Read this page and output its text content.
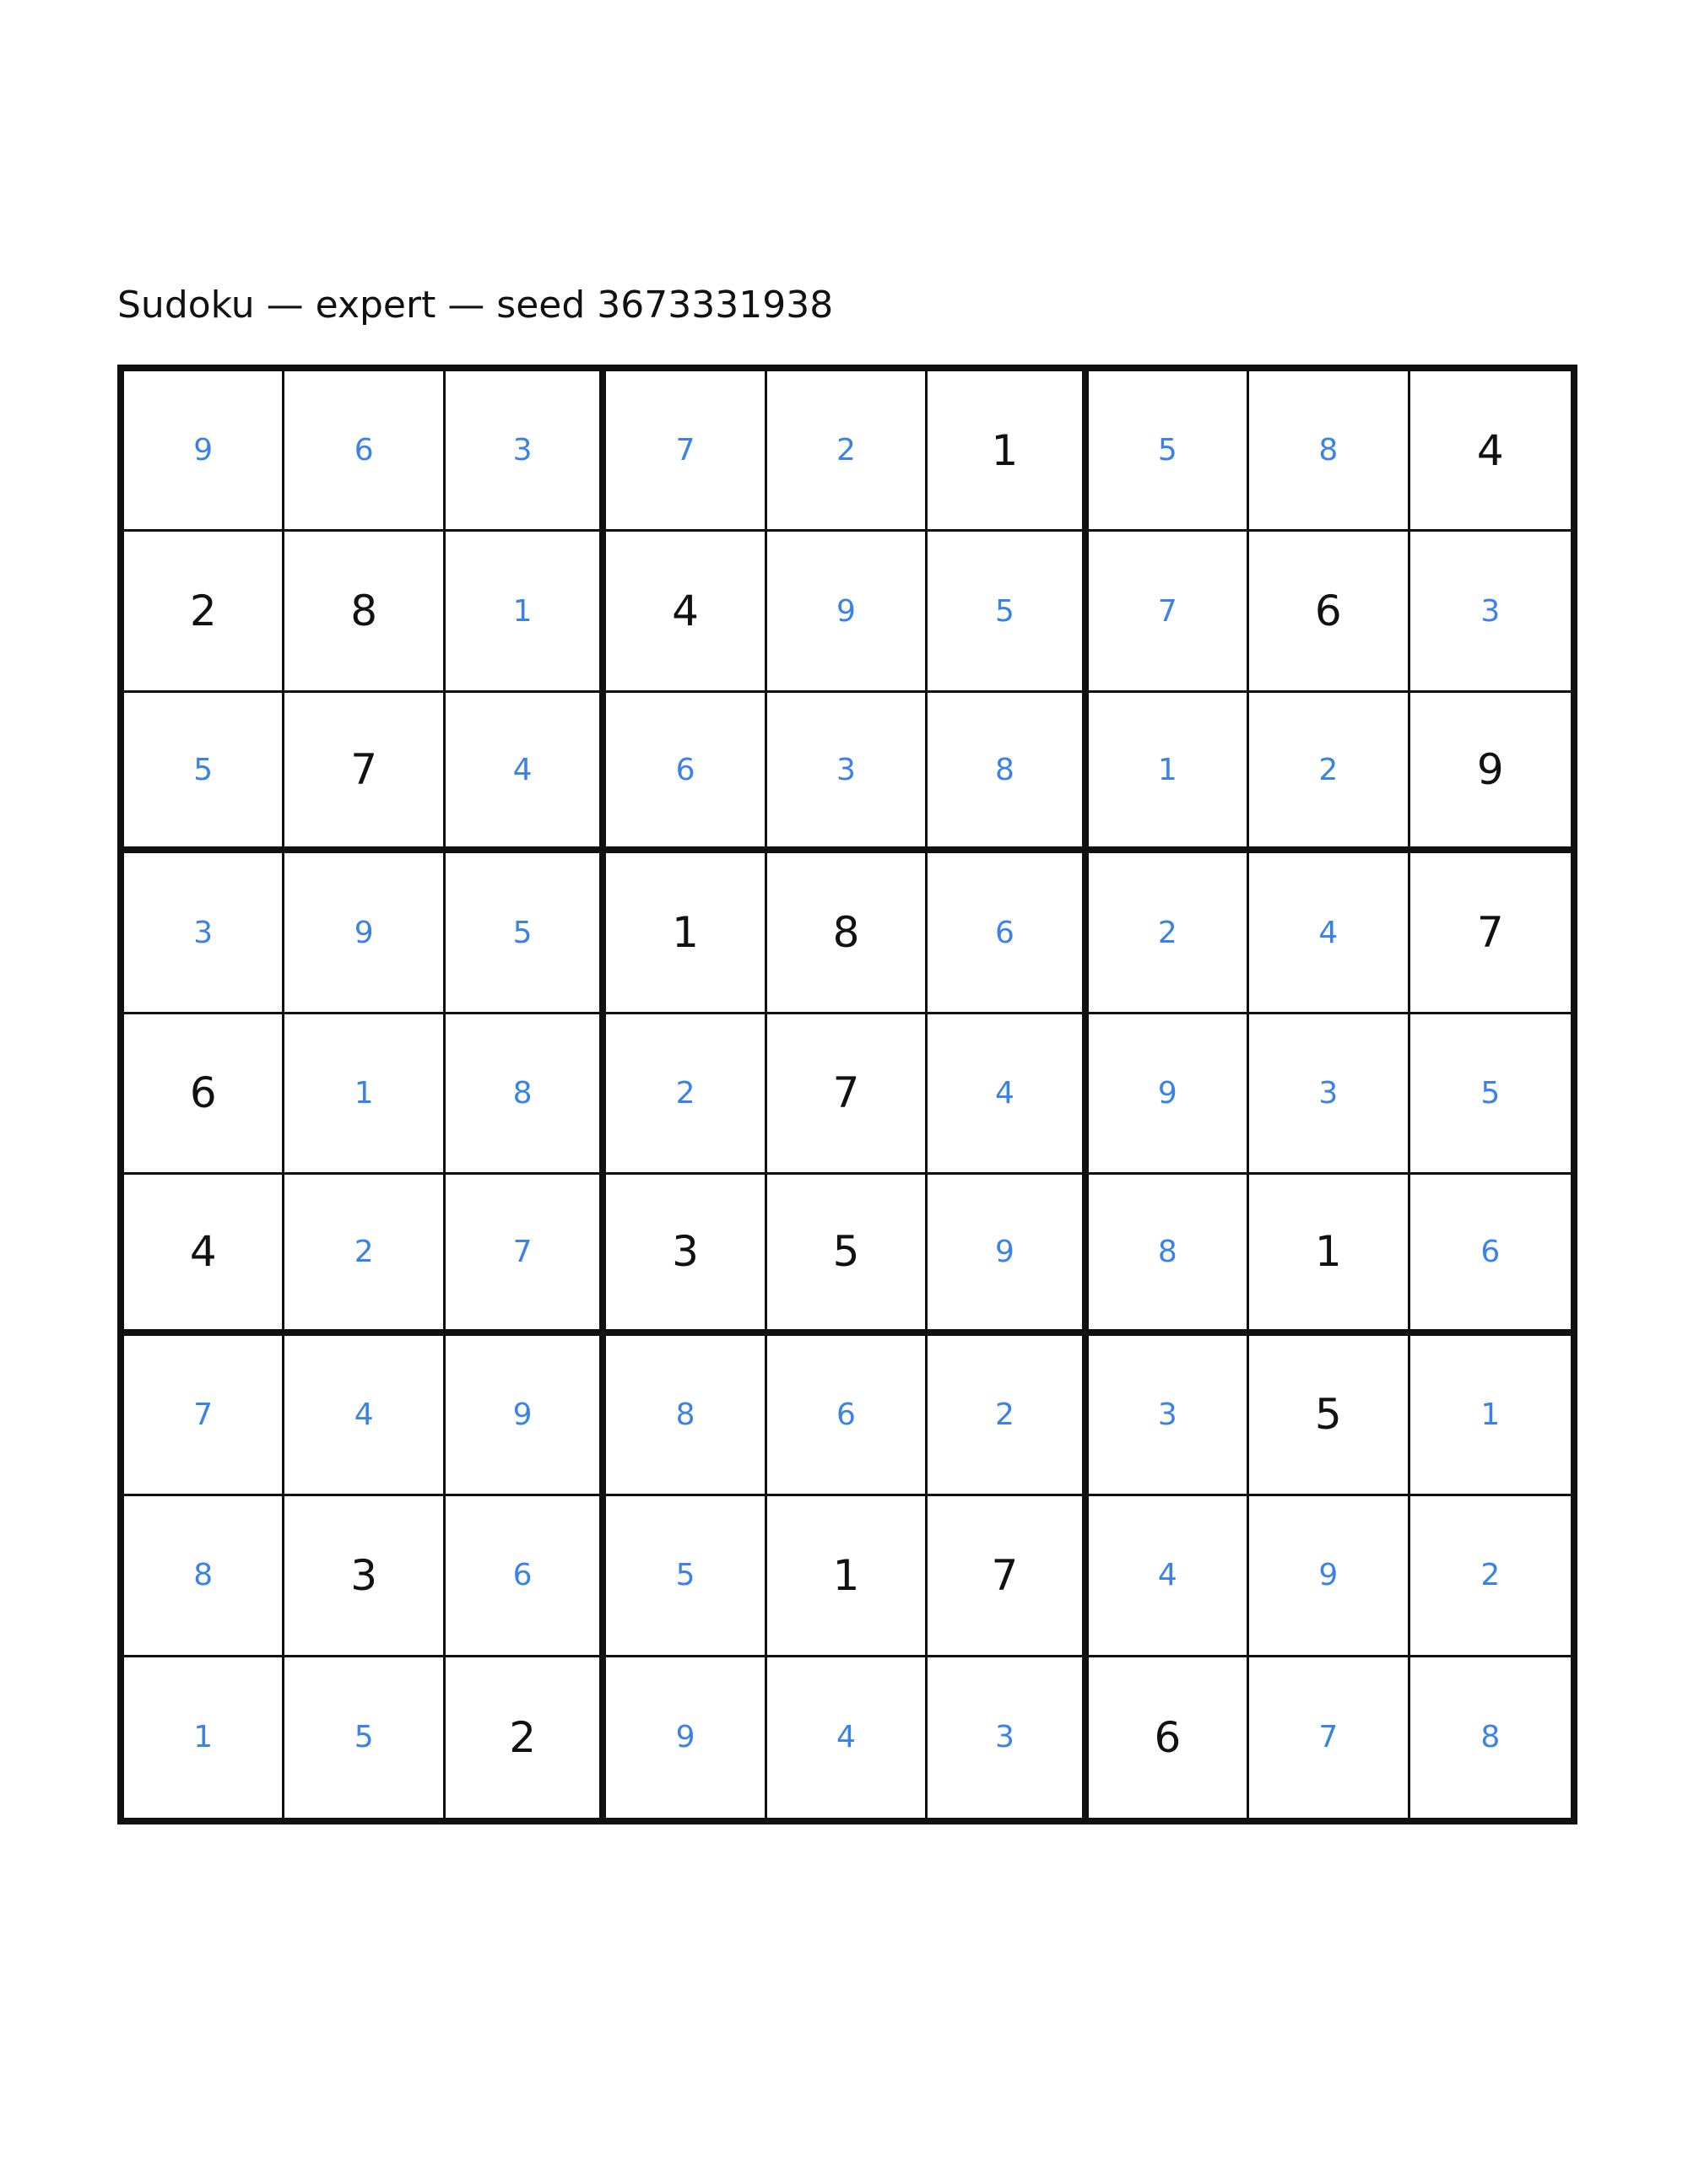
Sudoku — expert — seed 3673331938
9	6	3	7	2	1	5	8	4
2	8	1	4	9	5	7	6	3
5	7	4	6	3	8	1	2	9
3	9	5	1	8	6	2	4	7
6	1	8	2	7	4	9	3	5
4	2	7	3	5	9	8	1	6
7	4	9	8	6	2	3	5	1
8	3	6	5	1	7	4	9	2
1	5	2	9	4	3	6	7	8
